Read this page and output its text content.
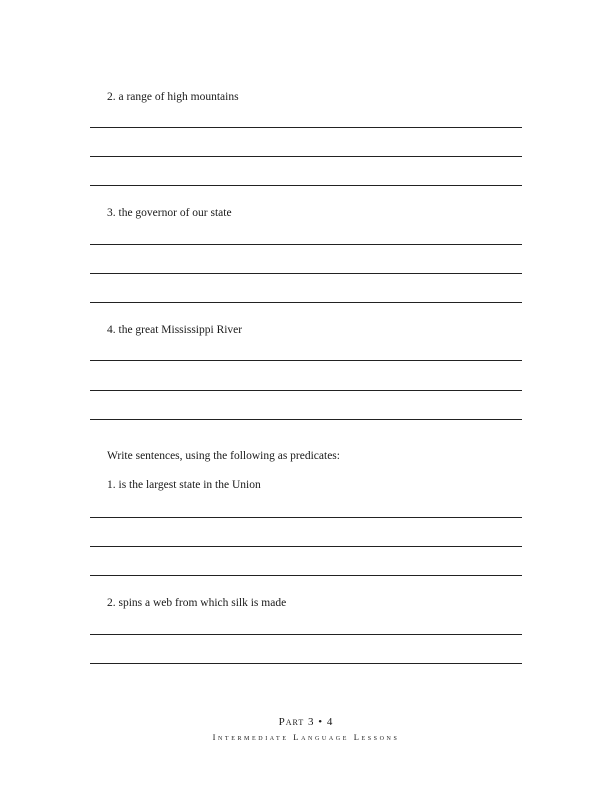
2. a range of high mountains
3. the governor of our state
4. the great Mississippi River
Write sentences, using the following as predicates:
1. is the largest state in the Union
2. spins a web from which silk is made
Part 3 • 4
Intermediate Language Lessons
